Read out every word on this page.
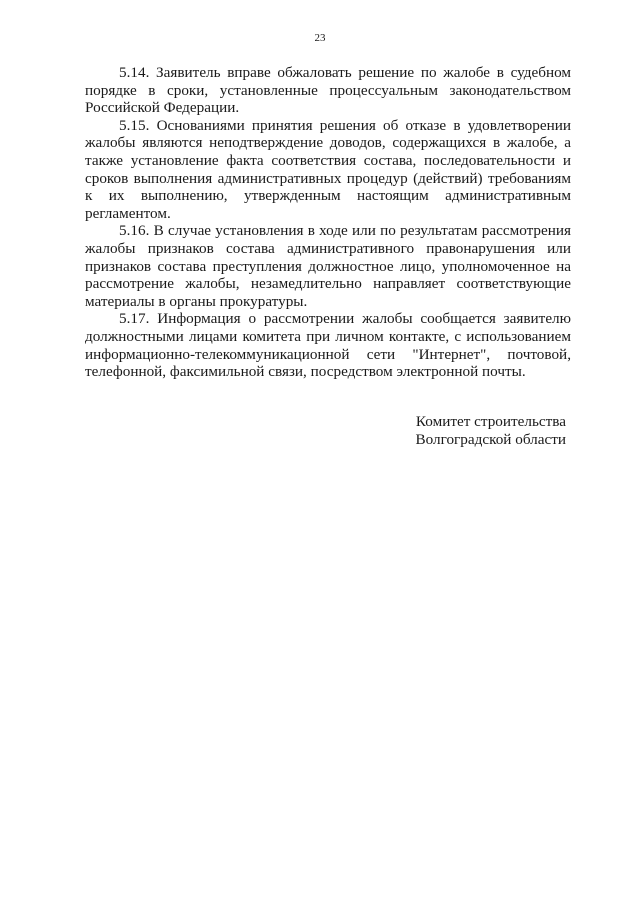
23

5.14. Заявитель вправе обжаловать решение по жалобе в судебном порядке в сроки, установленные процессуальным законодательством Российской Федерации.

5.15. Основаниями принятия решения об отказе в удовлетворении жалобы являются неподтверждение доводов, содержащихся в жалобе, а также установление факта соответствия состава, последовательности и сроков выполнения административных процедур (действий) требованиям к их выполнению, утвержденным настоящим административным регламентом.

5.16. В случае установления в ходе или по результатам рассмотрения жалобы признаков состава административного правонарушения или признаков состава преступления должностное лицо, уполномоченное на рассмотрение жалобы, незамедлительно направляет соответствующие материалы в органы прокуратуры.

5.17. Информация о рассмотрении жалобы сообщается заявителю должностными лицами комитета при личном контакте, с использованием информационно-телекоммуникационной сети "Интернет", почтовой, телефонной, факсимильной связи, посредством электронной почты.

Комитет строительства
Волгоградской области
